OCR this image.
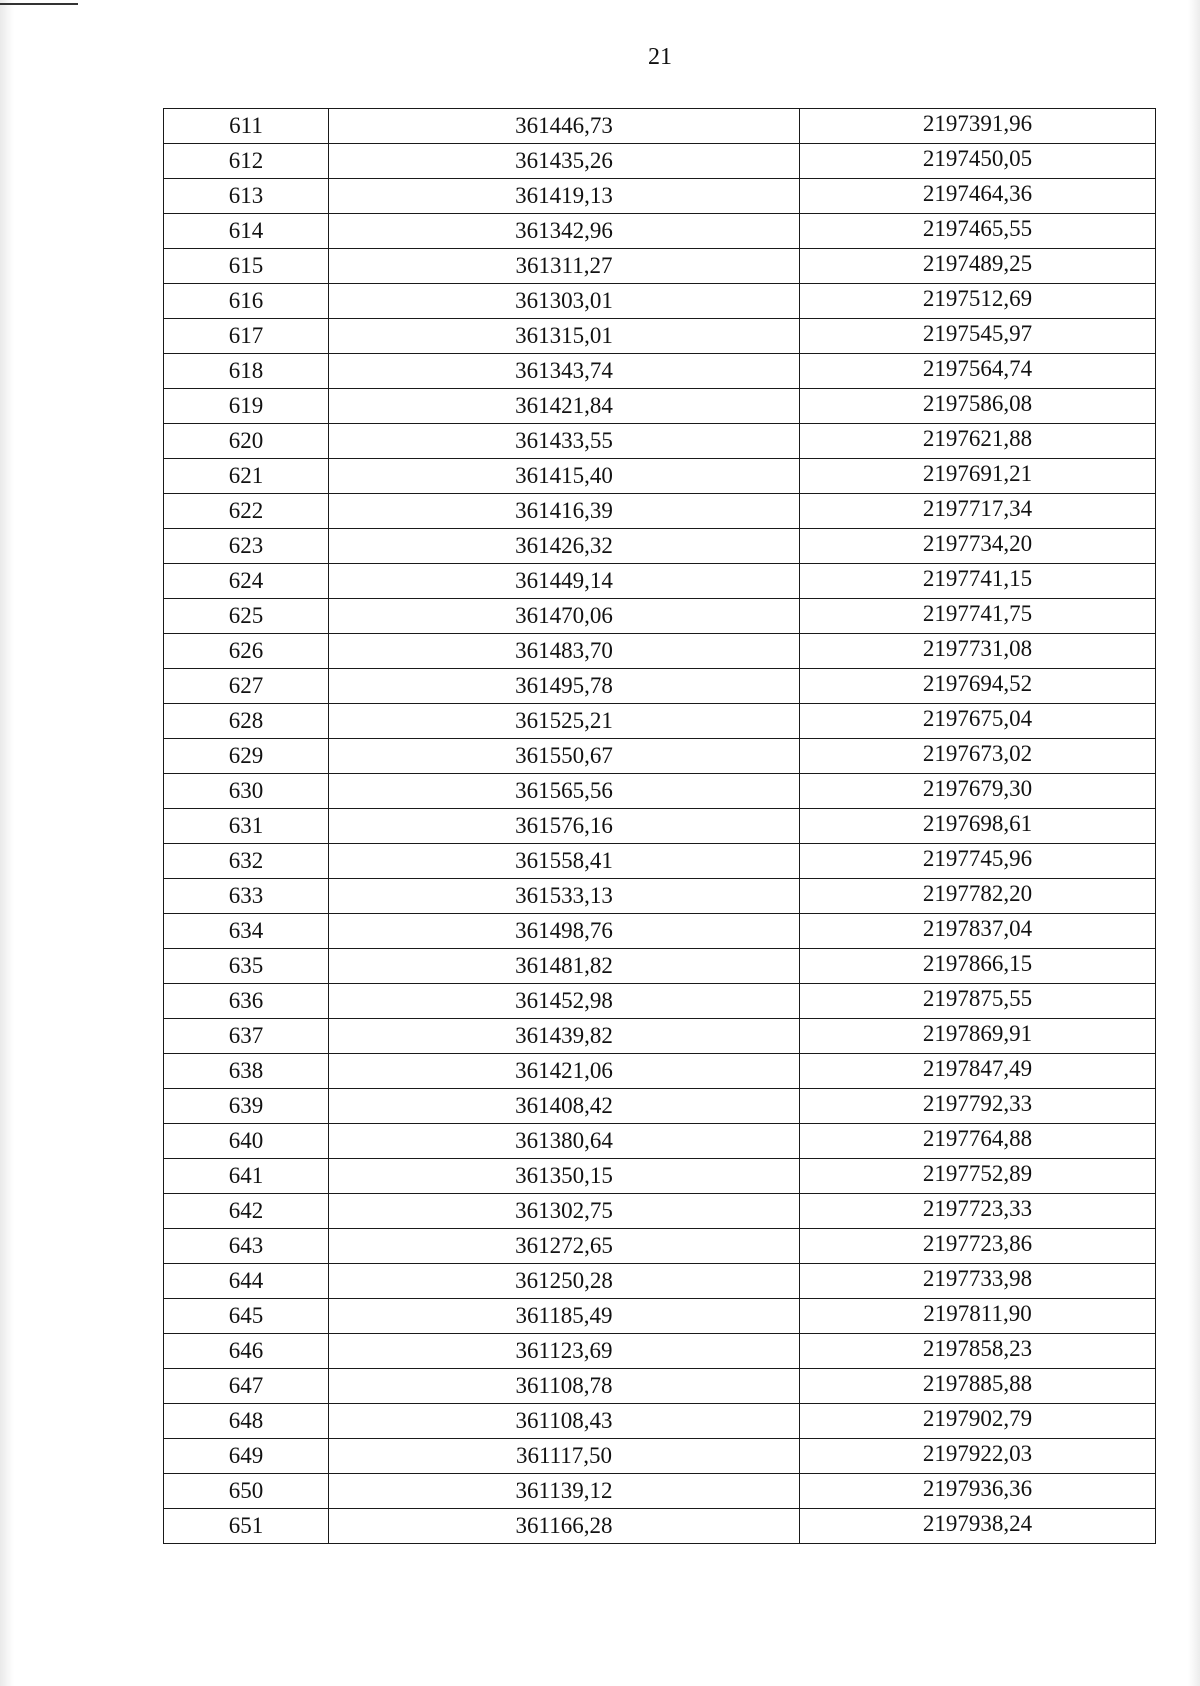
21
611	361446,73	2197391,96
612	361435,26	2197450,05
613	361419,13	2197464,36
614	361342,96	2197465,55
615	361311,27	2197489,25
616	361303,01	2197512,69
617	361315,01	2197545,97
618	361343,74	2197564,74
619	361421,84	2197586,08
620	361433,55	2197621,88
621	361415,40	2197691,21
622	361416,39	2197717,34
623	361426,32	2197734,20
624	361449,14	2197741,15
625	361470,06	2197741,75
626	361483,70	2197731,08
627	361495,78	2197694,52
628	361525,21	2197675,04
629	361550,67	2197673,02
630	361565,56	2197679,30
631	361576,16	2197698,61
632	361558,41	2197745,96
633	361533,13	2197782,20
634	361498,76	2197837,04
635	361481,82	2197866,15
636	361452,98	2197875,55
637	361439,82	2197869,91
638	361421,06	2197847,49
639	361408,42	2197792,33
640	361380,64	2197764,88
641	361350,15	2197752,89
642	361302,75	2197723,33
643	361272,65	2197723,86
644	361250,28	2197733,98
645	361185,49	2197811,90
646	361123,69	2197858,23
647	361108,78	2197885,88
648	361108,43	2197902,79
649	361117,50	2197922,03
650	361139,12	2197936,36
651	361166,28	2197938,24
